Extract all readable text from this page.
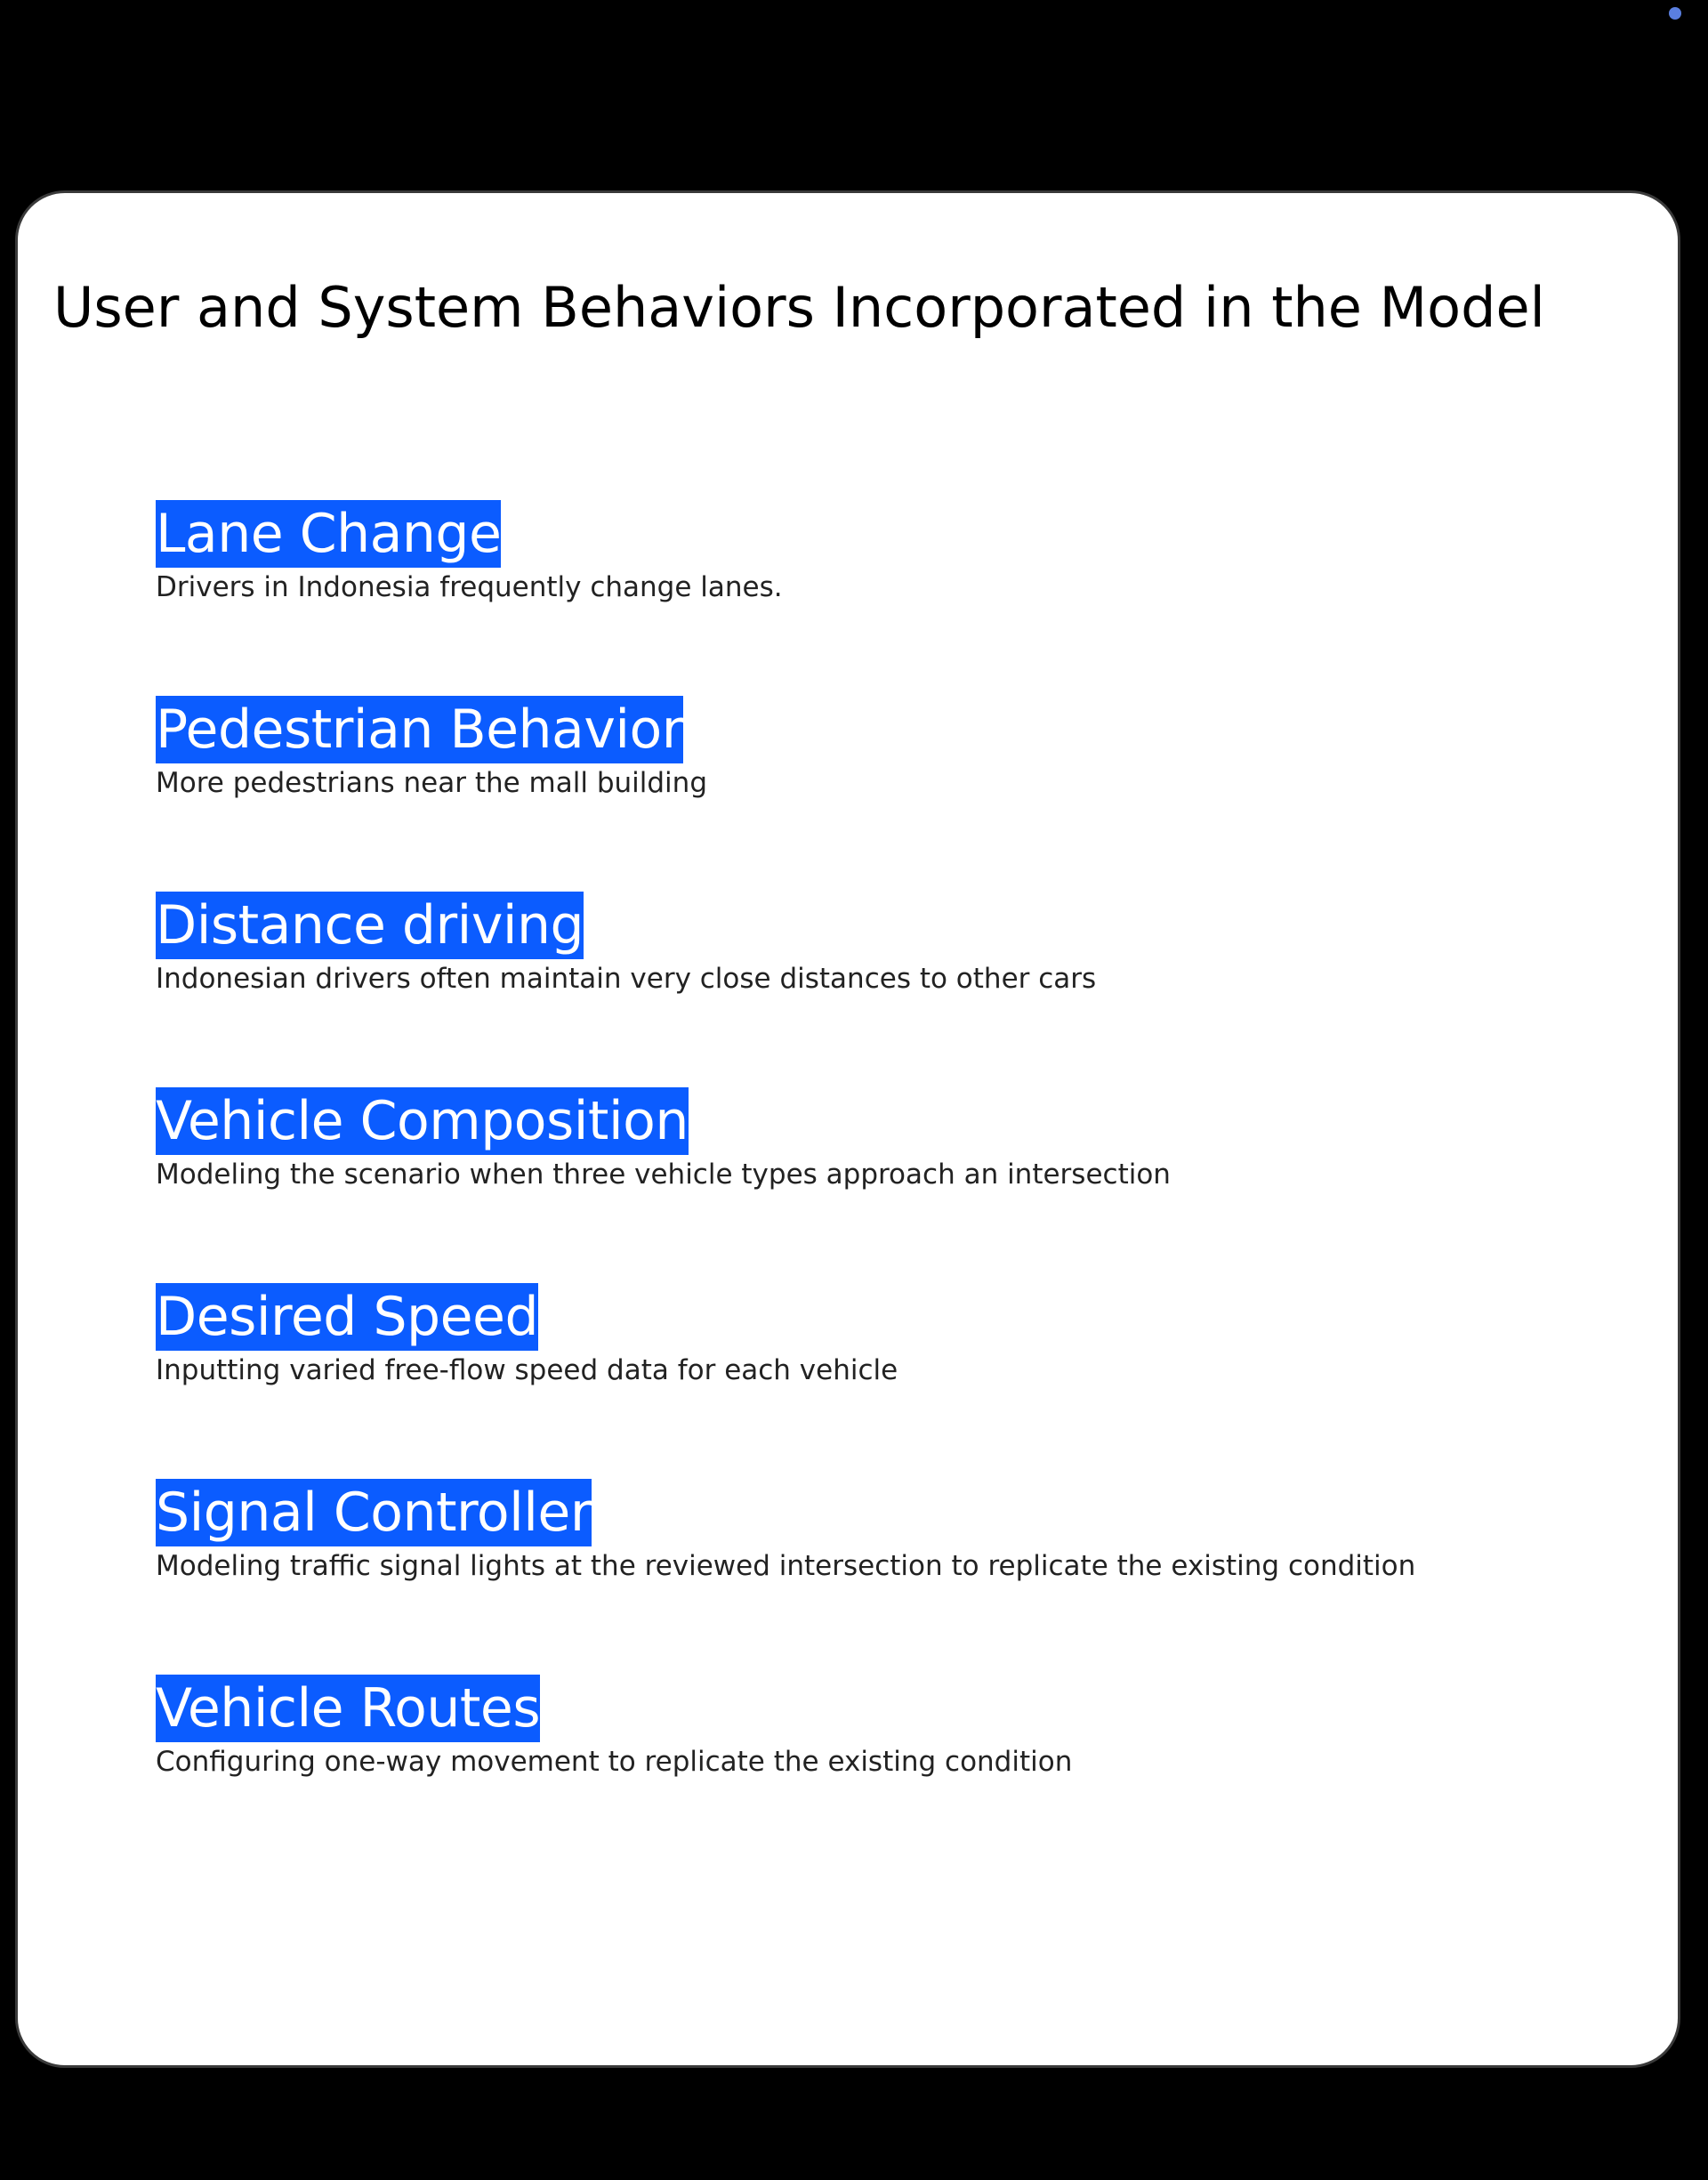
User and System Behaviors Incorporated in the Model
Lane Change

Drivers in Indonesia frequently change lanes.

Pedestrian Behavior

More pedestrians near the mall building

Distance driving

Indonesian drivers often maintain very close distances to other cars

Vehicle Composition

Modeling the scenario when three vehicle types approach an intersection

Desired Speed

Inputting varied free-flow speed data for each vehicle

Signal Controller

Modeling traffic signal lights at the reviewed intersection to replicate the existing condition

Vehicle Routes

Configuring one-way movement to replicate the existing condition
